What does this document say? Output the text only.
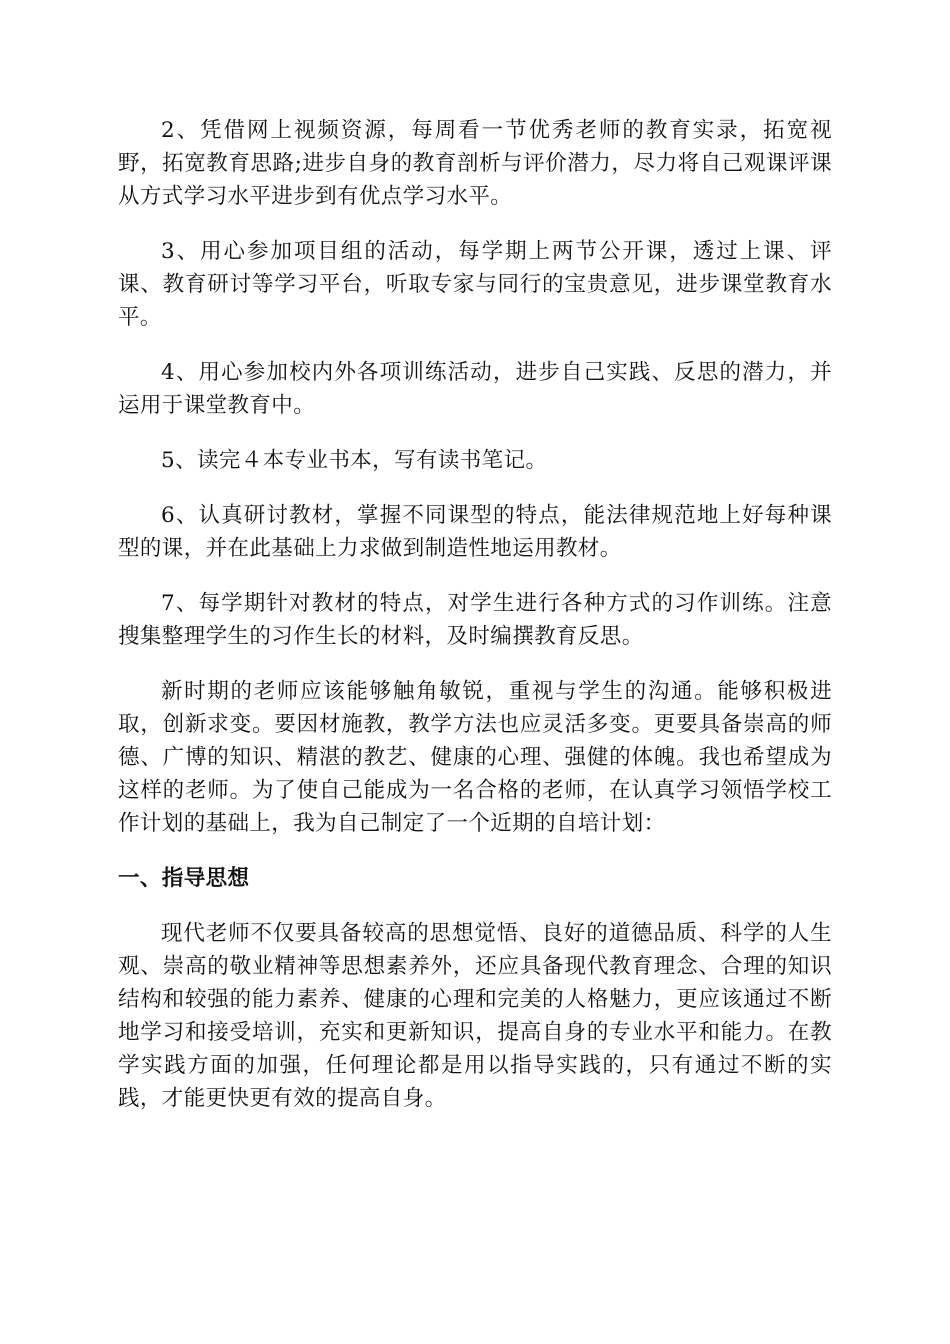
2、凭借网上视频资源，每周看一节优秀老师的教育实录，拓宽视野，拓宽教育思路;进步自身的教育剖析与评价潜力，尽力将自己观课评课从方式学习水平进步到有优点学习水平。

3、用心参加项目组的活动，每学期上两节公开课，透过上课、评课、教育研讨等学习平台，听取专家与同行的宝贵意见，进步课堂教育水平。

4、用心参加校内外各项训练活动，进步自己实践、反思的潜力，并运用于课堂教育中。

5、读完４本专业书本，写有读书笔记。

6、认真研讨教材，掌握不同课型的特点，能法律规范地上好每种课型的课，并在此基础上力求做到制造性地运用教材。

7、每学期针对教材的特点，对学生进行各种方式的习作训练。注意搜集整理学生的习作生长的材料，及时编撰教育反思。

新时期的老师应该能够触角敏锐，重视与学生的沟通。能够积极进取，创新求变。要因材施教，教学方法也应灵活多变。更要具备崇高的师德、广博的知识、精湛的教艺、健康的心理、强健的体魄。我也希望成为这样的老师。为了使自己能成为一名合格的老师，在认真学习领悟学校工作计划的基础上，我为自己制定了一个近期的自培计划：

一、指导思想

现代老师不仅要具备较高的思想觉悟、良好的道德品质、科学的人生观、崇高的敬业精神等思想素养外，还应具备现代教育理念、合理的知识结构和较强的能力素养、健康的心理和完美的人格魅力，更应该通过不断地学习和接受培训，充实和更新知识，提高自身的专业水平和能力。在教学实践方面的加强，任何理论都是用以指导实践的，只有通过不断的实践，才能更快更有效的提高自身。
